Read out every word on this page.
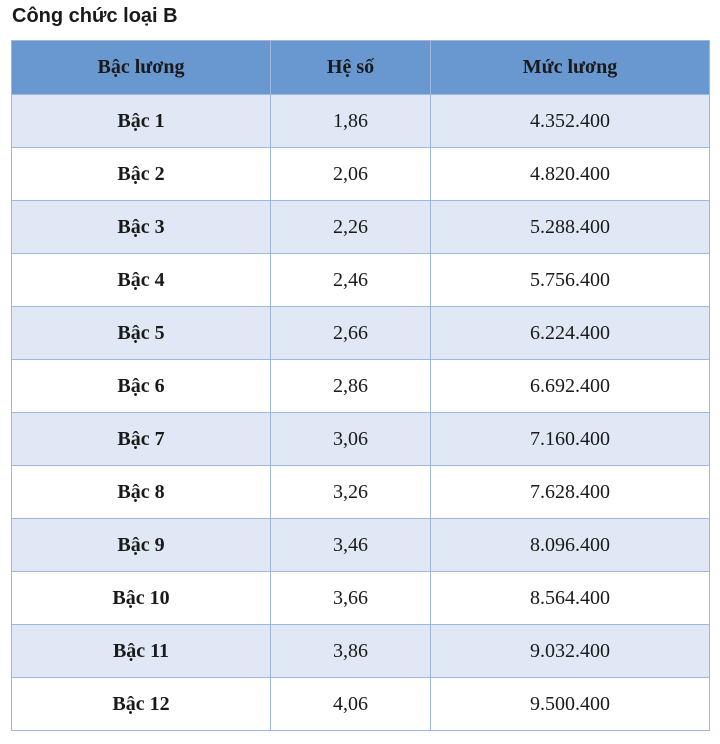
Công chức loại B
Bậc lương	Hệ số	Mức lương
Bậc 1	1,86	4.352.400
Bậc 2	2,06	4.820.400
Bậc 3	2,26	5.288.400
Bậc 4	2,46	5.756.400
Bậc 5	2,66	6.224.400
Bậc 6	2,86	6.692.400
Bậc 7	3,06	7.160.400
Bậc 8	3,26	7.628.400
Bậc 9	3,46	8.096.400
Bậc 10	3,66	8.564.400
Bậc 11	3,86	9.032.400
Bậc 12	4,06	9.500.400
